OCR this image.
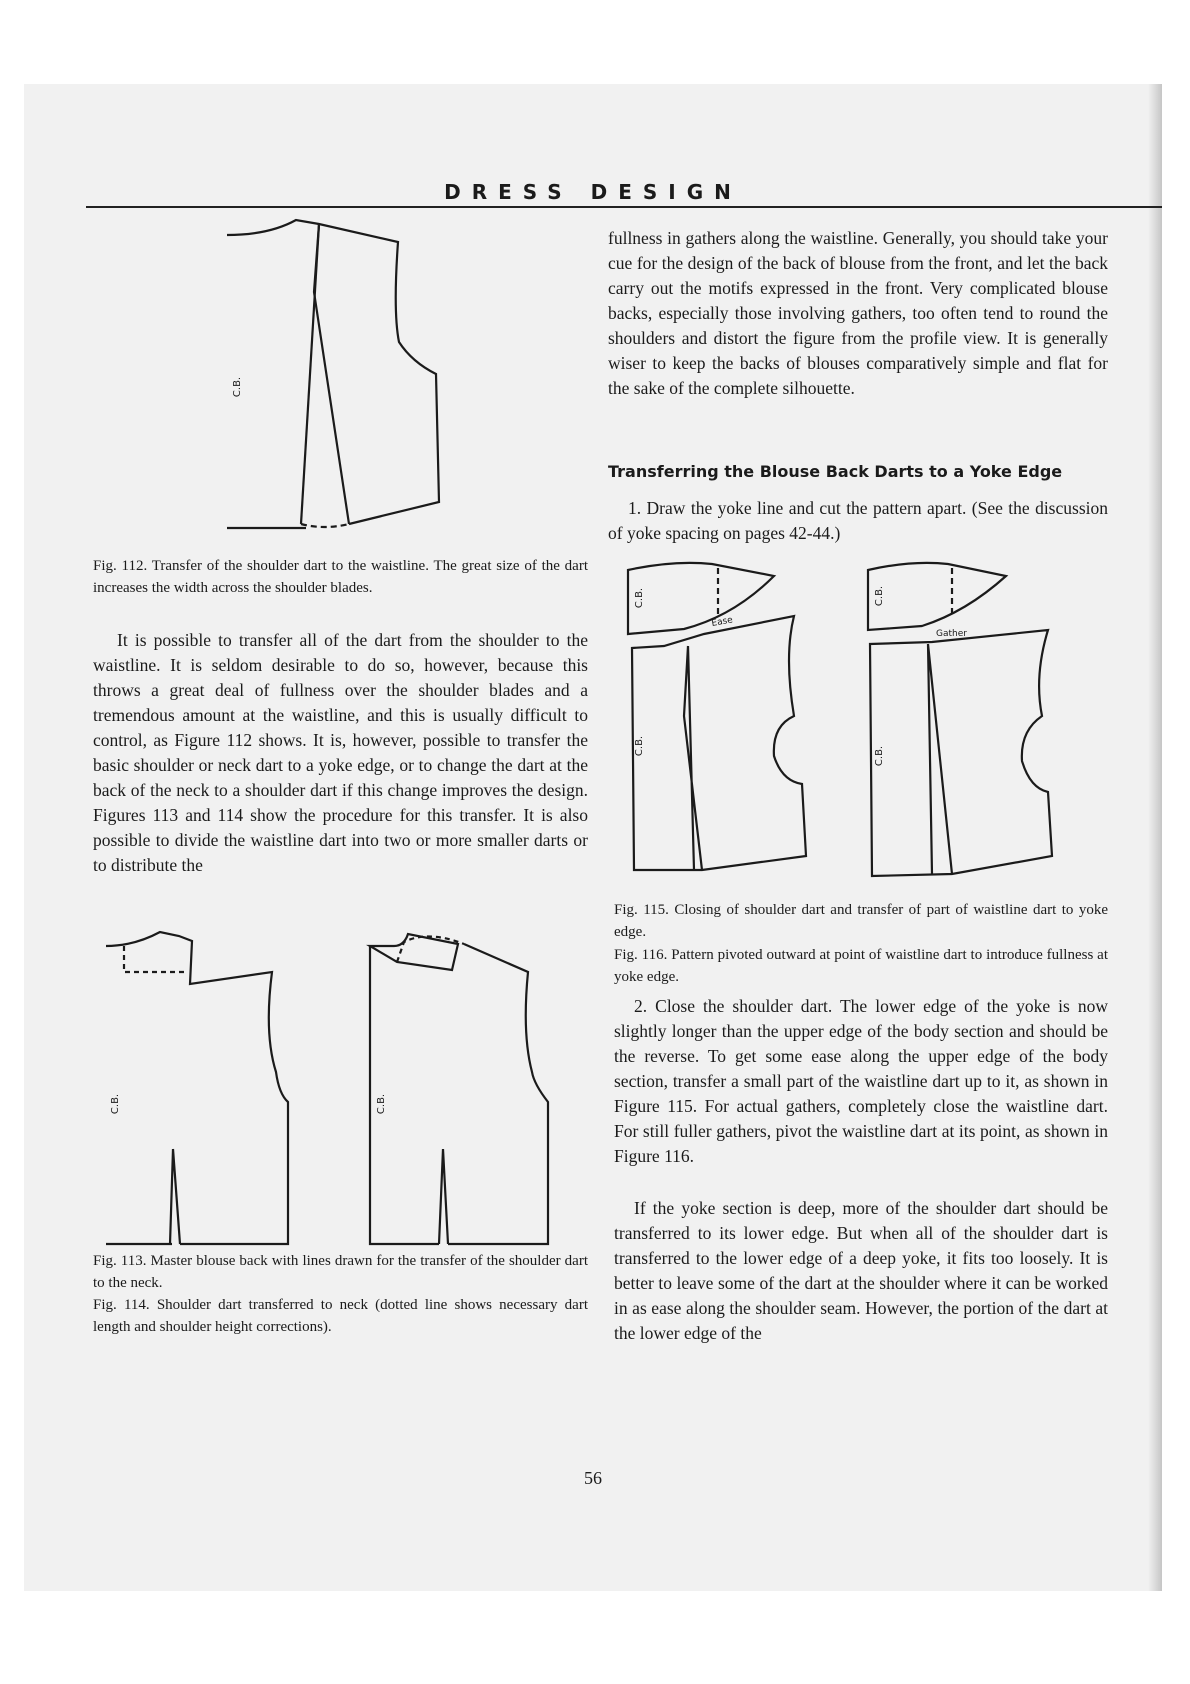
DRESS DESIGN
C.B.

Fig. 112. Transfer of the shoulder dart to the waistline. The great size of the dart increases the width across the shoulder blades.

It is possible to transfer all of the dart from the shoulder to the waistline. It is seldom desirable to do so, however, because this throws a great deal of fullness over the shoulder blades and a tremendous amount at the waistline, and this is usually difficult to control, as Figure 112 shows. It is, however, possible to transfer the basic shoulder or neck dart to a yoke edge, or to change the dart at the back of the neck to a shoulder dart if this change improves the design. Figures 113 and 114 show the procedure for this transfer. It is also possible to divide the waistline dart into two or more smaller darts or to distribute the

C.B.	C.B.

Fig. 113. Master blouse back with lines drawn for the transfer of the shoulder dart to the neck.

Fig. 114. Shoulder dart transferred to neck (dotted line shows necessary dart length and shoulder height corrections).

fullness in gathers along the waistline. Generally, you should take your cue for the design of the back of blouse from the front, and let the back carry out the motifs expressed in the front. Very complicated blouse backs, especially those involving gathers, too often tend to round the shoulders and distort the figure from the profile view. It is generally wiser to keep the backs of blouses comparatively simple and flat for the sake of the complete silhouette.

Transferring the Blouse Back Darts to a Yoke Edge

1. Draw the yoke line and cut the pattern apart. (See the discussion of yoke spacing on pages 42-44.)

C.B.
C.B.
Ease
C.B.
C.B.
Gather

Fig. 115. Closing of shoulder dart and transfer of part of waistline dart to yoke edge.

Fig. 116. Pattern pivoted outward at point of waistline dart to introduce fullness at yoke edge.

2. Close the shoulder dart. The lower edge of the yoke is now slightly longer than the upper edge of the body section and should be the reverse. To get some ease along the upper edge of the body section, transfer a small part of the waistline dart up to it, as shown in Figure 115. For actual gathers, completely close the waistline dart. For still fuller gathers, pivot the waistline dart at its point, as shown in Figure 116.

If the yoke section is deep, more of the shoulder dart should be transferred to its lower edge. But when all of the shoulder dart is transferred to the lower edge of a deep yoke, it fits too loosely. It is better to leave some of the dart at the shoulder where it can be worked in as ease along the shoulder seam. However, the portion of the dart at the lower edge of the

56
